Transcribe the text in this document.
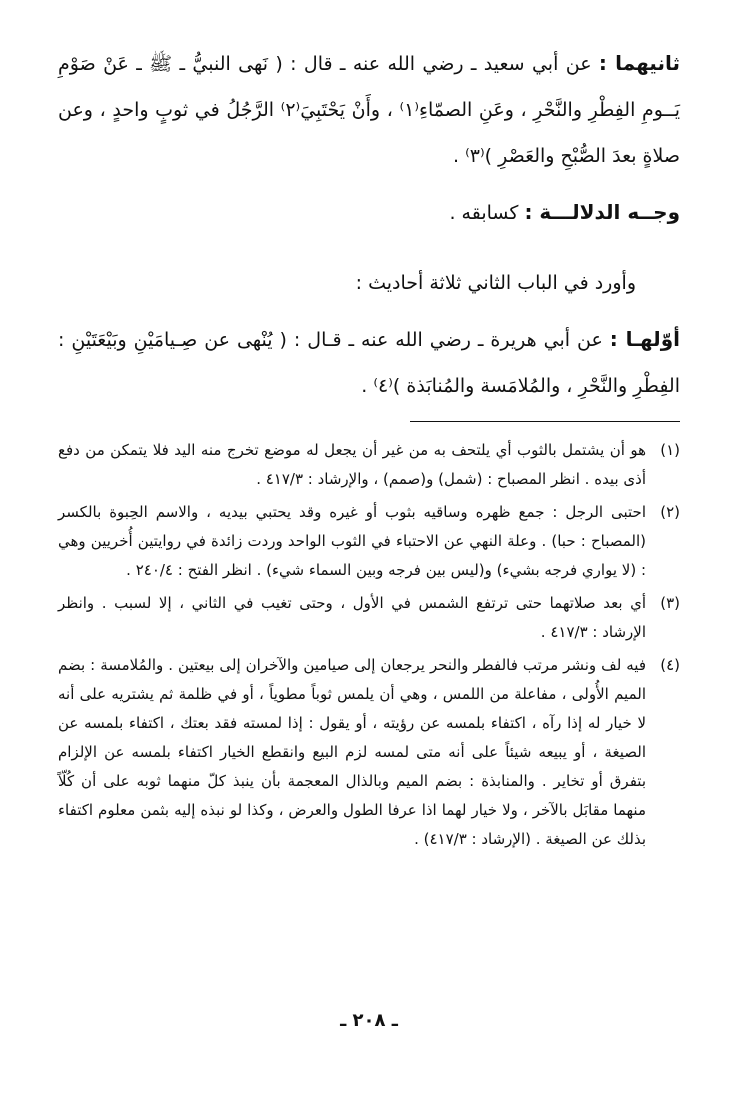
ثانيهما : عن أبي سعيد ـ رضي الله عنه ـ قال : ( نَهى النبيُّ ـ ﷺ ـ عَنْ صَوْمِ يَــومِ الفِطْرِ والنَّحْرِ ، وعَنِ الصمّاءِ⁽١⁾ ، وأَنْ يَحْتَبِيَ⁽٢⁾ الرَّجُلُ في ثوبٍ واحدٍ ، وعن صلاةٍ بعدَ الصُّبْحِ والعَصْرِ )⁽٣⁾ .

وجــه الدلالـــة : كسابقه .

وأورد في الباب الثاني ثلاثة أحاديث :

أوّلهـا : عن أبي هريرة ـ رضي الله عنه ـ قـال : ( يُنْهى عن صِـيامَيْنِ وبَيْعَتَيْنِ : الفِطْرِ والنَّحْرِ ، والمُلامَسة والمُنابَذة )⁽٤⁾ .

(١)
هو أن يشتمل بالثوب أي يلتحف به من غير أن يجعل له موضع تخرج منه اليد فلا يتمكن من دفع أذى بيده . انظر المصباح : (شمل) و(صمم) ، والإرشاد : ٤١٧/٣ .
(٢)
احتبى الرجل : جمع ظهره وساقيه بثوب أو غيره وقد يحتبي بيديه ، والاسم الحِبوة بالكسر (المصباح : حبا) . وعلة النهي عن الاحتباء في الثوب الواحد وردت زائدة في روايتين أُخريين وهي : (لا يواري فرجه بشيء) و(ليس بين فرجه وبين السماء شيء) . انظر الفتح : ٢٤٠/٤ .
(٣)
أي بعد صلاتهما حتى ترتفع الشمس في الأول ، وحتى تغيب في الثاني ، إلا لسبب . وانظر الإرشاد : ٤١٧/٣ .
(٤)
فيه لف ونشر مرتب فالفطر والنحر يرجعان إلى صيامين والآخران إلى بيعتين . والمُلامسة : بضم الميم الأُولى ، مفاعلة من اللمس ، وهي أن يلمس ثوباً مطوياً ، أو في ظلمة ثم يشتريه على أنه لا خيار له إذا رآه ، اكتفاء بلمسه عن رؤيته ، أو يقول : إذا لمسته فقد بعتك ، اكتفاء بلمسه عن الصيغة ، أو يبيعه شيئاً على أنه متى لمسه لزم البيع وانقطع الخيار اكتفاء بلمسه عن الإلزام بتفرق أو تخاير . والمنابذة : بضم الميم وبالذال المعجمة بأن ينبذ كلّ منهما ثوبه على أن كُلّاً منهما مقابَل بالآخر ، ولا خيار لهما اذا عرفا الطول والعرض ، وكذا لو نبذه إليه بثمن معلوم اكتفاء بذلك عن الصيغة . (الإرشاد : ٤١٧/٣) .
ـ ٢٠٨ ـ
